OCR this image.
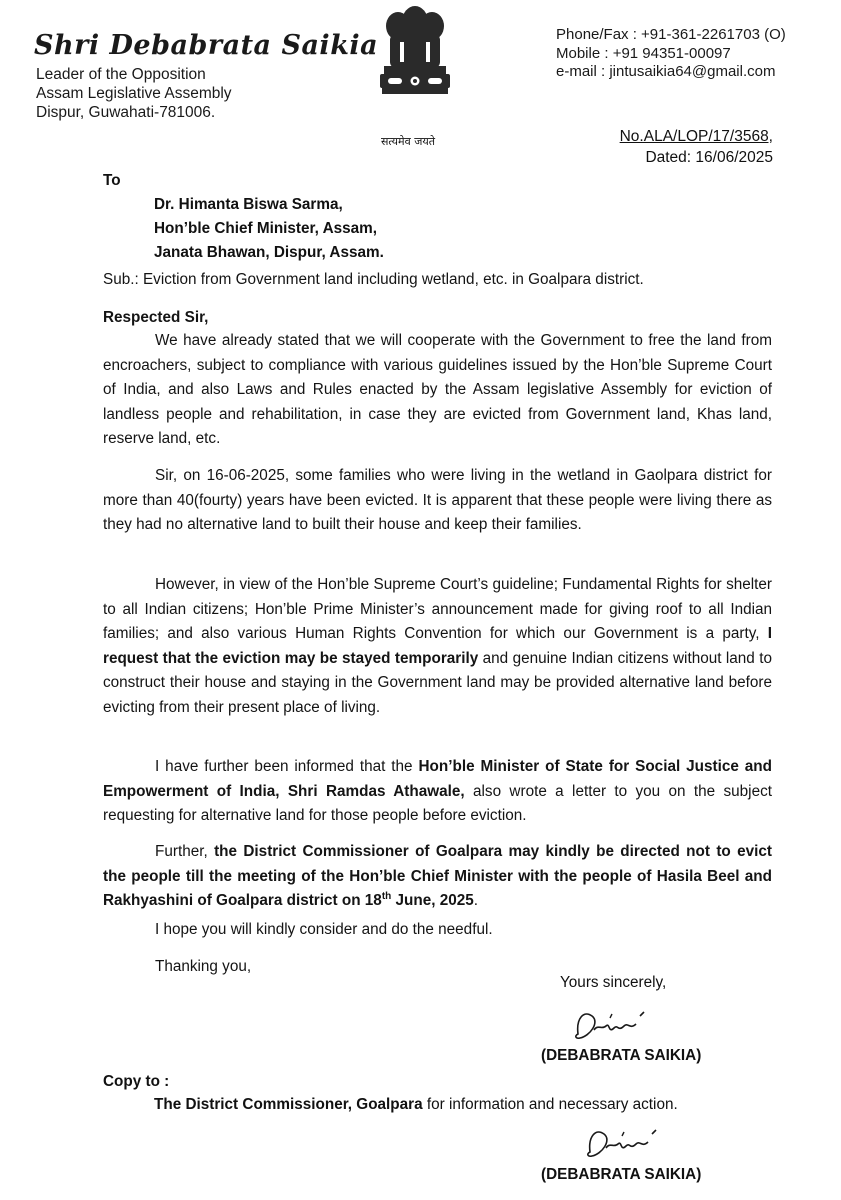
Shri Debabrata Saikia
Leader of the Opposition
Assam Legislative Assembly
Dispur, Guwahati-781006.
सत्यमेव जयते
Phone/Fax : +91-361-2261703 (O)
Mobile : +91 94351-00097
e-mail : jintusaikia64@gmail.com
No.ALA/LOP/17/3568,
Dated: 16/06/2025
To
Dr. Himanta Biswa Sarma,
Hon’ble Chief Minister, Assam,
Janata Bhawan, Dispur, Assam.
Sub.: Eviction from Government land including wetland, etc. in Goalpara district.
Respected Sir,
We have already stated that we will cooperate with the Government to free the land from encroachers, subject to compliance with various guidelines issued by the Hon’ble Supreme Court of India, and also Laws and Rules enacted by the Assam legislative Assembly for eviction of landless people and rehabilitation, in case they are evicted from Government land, Khas land, reserve land, etc.
Sir, on 16-06-2025, some families who were living in the wetland in Gaolpara district for more than 40(fourty) years have been evicted. It is apparent that these people were living there as they had no alternative land to built their house and keep their families.
However, in view of the Hon’ble Supreme Court’s guideline; Fundamental Rights for shelter to all Indian citizens; Hon’ble Prime Minister’s announcement made for giving roof to all Indian families; and also various Human Rights Convention for which our Government is a party, I request that the eviction may be stayed temporarily and genuine Indian citizens without land to construct their house and staying in the Government land may be provided alternative land before evicting from their present place of living.
I have further been informed that the Hon’ble Minister of State for Social Justice and Empowerment of India, Shri Ramdas Athawale, also wrote a letter to you on the subject requesting for alternative land for those people before eviction.
Further, the District Commissioner of Goalpara may kindly be directed not to evict the people till the meeting of the Hon’ble Chief Minister with the people of Hasila Beel and Rakhyashini of Goalpara district on 18th June, 2025.
I hope you will kindly consider and do the needful.
Thanking you,
Yours sincerely,
(DEBABRATA SAIKIA)
Copy to :
The District Commissioner, Goalpara for information and necessary action.
(DEBABRATA SAIKIA)
